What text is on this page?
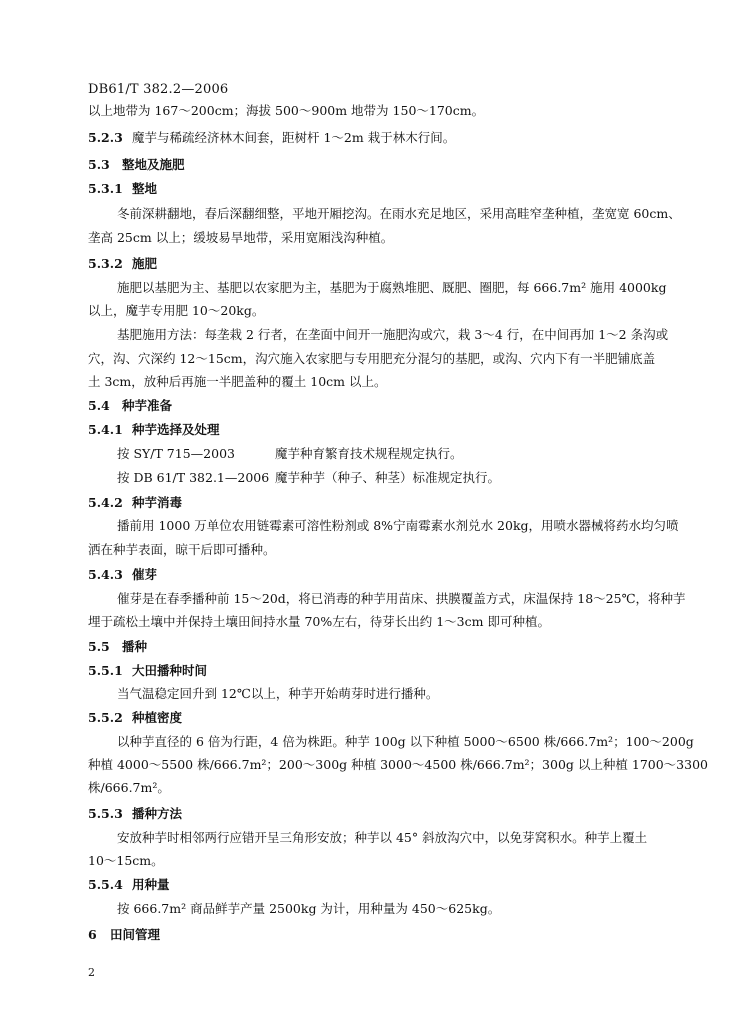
DB61/T 382.2—2006
以上地带为 167～200cm；海拔 500～900m 地带为 150～170cm。
5.2.3 魔芋与稀疏经济林木间套，距树杆 1～2m 栽于林木行间。
5.3 整地及施肥
5.3.1 整地
冬前深耕翻地，春后深翻细整，平地开厢挖沟。在雨水充足地区，采用高畦窄垄种植，垄宽宽 60cm、
垄高 25cm 以上；缓坡易旱地带，采用宽厢浅沟种植。
5.3.2 施肥
施肥以基肥为主、基肥以农家肥为主，基肥为于腐熟堆肥、厩肥、圈肥，每 666.7m² 施用 4000kg
以上，魔芋专用肥 10～20kg。
基肥施用方法：每垄栽 2 行者，在垄面中间开一施肥沟或穴，栽 3～4 行，在中间再加 1～2 条沟或
穴，沟、穴深约 12～15cm，沟穴施入农家肥与专用肥充分混匀的基肥，或沟、穴内下有一半肥铺底盖
土 3cm，放种后再施一半肥盖种的覆土 10cm 以上。
5.4 种芋准备
5.4.1 种芋选择及处理
按 SY/T 715—2003	魔芋种育繁育技术规程规定执行。
按 DB 61/T 382.1—2006 魔芋种芋（种子、种茎）标准规定执行。
5.4.2 种芋消毒
播前用 1000 万单位农用链霉素可溶性粉剂或 8%宁南霉素水剂兑水 20kg，用喷水器械将药水均匀喷
洒在种芋表面，晾干后即可播种。
5.4.3 催芽
催芽是在春季播种前 15～20d，将已消毒的种芋用苗床、拱膜覆盖方式，床温保持 18～25℃，将种芋
埋于疏松土壤中并保持土壤田间持水量 70%左右，待芽长出约 1～3cm 即可种植。
5.5 播种
5.5.1 大田播种时间
当气温稳定回升到 12℃以上，种芋开始萌芽时进行播种。
5.5.2 种植密度
以种芋直径的 6 倍为行距，4 倍为株距。种芋 100g 以下种植 5000～6500 株/666.7m²；100～200g
种植 4000～5500 株/666.7m²；200～300g 种植 3000～4500 株/666.7m²；300g 以上种植 1700～3300
株/666.7m²。
5.5.3 播种方法
安放种芋时相邻两行应错开呈三角形安放；种芋以 45° 斜放沟穴中，以免芽窝积水。种芋上覆土
10～15cm。
5.5.4 用种量
按 666.7m² 商品鲜芋产量 2500kg 为计，用种量为 450～625kg。
6 田间管理
2
